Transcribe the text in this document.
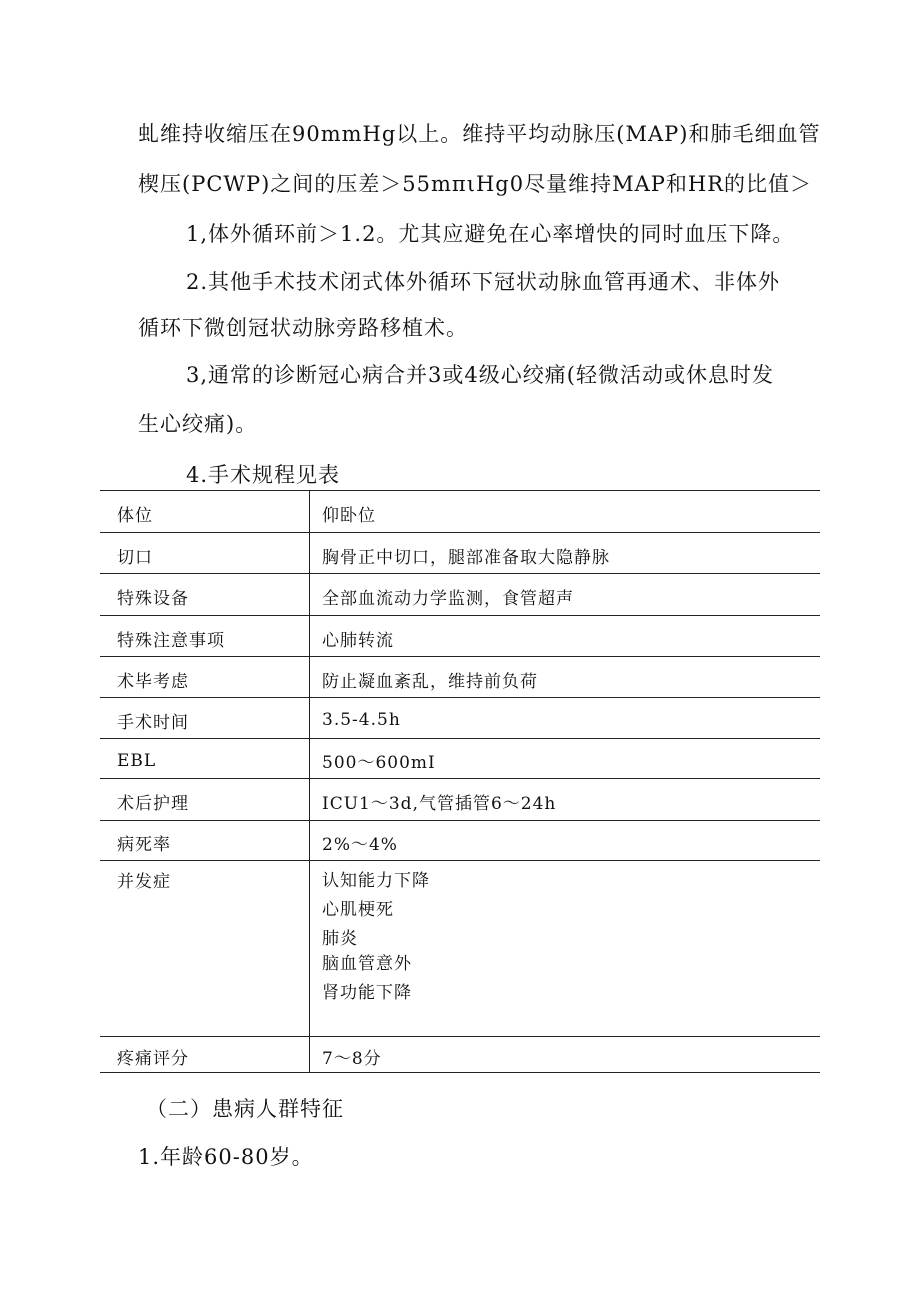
虬维持收缩压在90mmHg以上。维持平均动脉压(MAP)和肺毛细血管

楔压(PCWP)之间的压差＞55mπιHg0尽量维持MAP和HR的比值＞

1,体外循环前＞1.2。尤其应避免在心率增快的同时血压下降。

2.其他手术技术闭式体外循环下冠状动脉血管再通术、非体外

循环下微创冠状动脉旁路移植术。

3,通常的诊断冠心病合并3或4级心绞痛(轻微活动或休息时发

生心绞痛)。

4.手术规程见表
体位	仰卧位
切口	胸骨正中切口，腿部准备取大隐静脉
特殊设备	全部血流动力学监测，食管超声
特殊注意事项	心肺转流
术毕考虑	防止凝血紊乱，维持前负荷
手术时间	3.5-4.5h
EBL	500～600mI
术后护理	ICU1～3d,气管插管6～24h
病死率	2%～4%
并发症	认知能力下降
心肌梗死
肺炎
脑血管意外
肾功能下降

疼痛评分	7～8分
（二）患病人群特征
1.年龄60-80岁。
